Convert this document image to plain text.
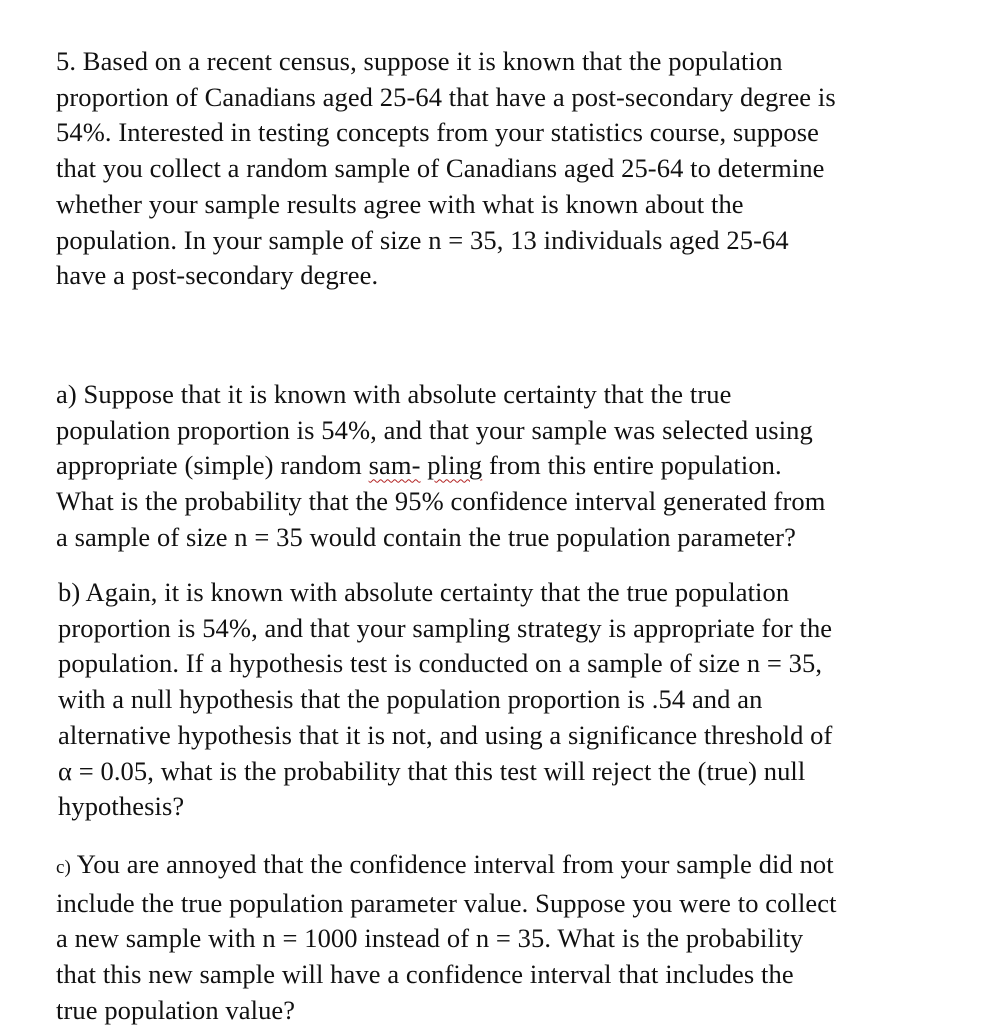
5. Based on a recent census, suppose it is known that the population
proportion of Canadians aged 25-64 that have a post-secondary degree is
54%. Interested in testing concepts from your statistics course, suppose
that you collect a random sample of Canadians aged 25-64 to determine
whether your sample results agree with what is known about the
population. In your sample of size n = 35, 13 individuals aged 25-64
have a post-secondary degree.

a) Suppose that it is known with absolute certainty that the true
population proportion is 54%, and that your sample was selected using
appropriate (simple) random sam- pling from this entire population.
What is the probability that the 95% confidence interval generated from
a sample of size n = 35 would contain the true population parameter?

b) Again, it is known with absolute certainty that the true population
proportion is 54%, and that your sampling strategy is appropriate for the
population. If a hypothesis test is conducted on a sample of size n = 35,
with a null hypothesis that the population proportion is .54 and an
alternative hypothesis that it is not, and using a significance threshold of
α = 0.05, what is the probability that this test will reject the (true) null
hypothesis?

c) You are annoyed that the confidence interval from your sample did not
include the true population parameter value. Suppose you were to collect
a new sample with n = 1000 instead of n = 35. What is the probability
that this new sample will have a confidence interval that includes the
true population value?
